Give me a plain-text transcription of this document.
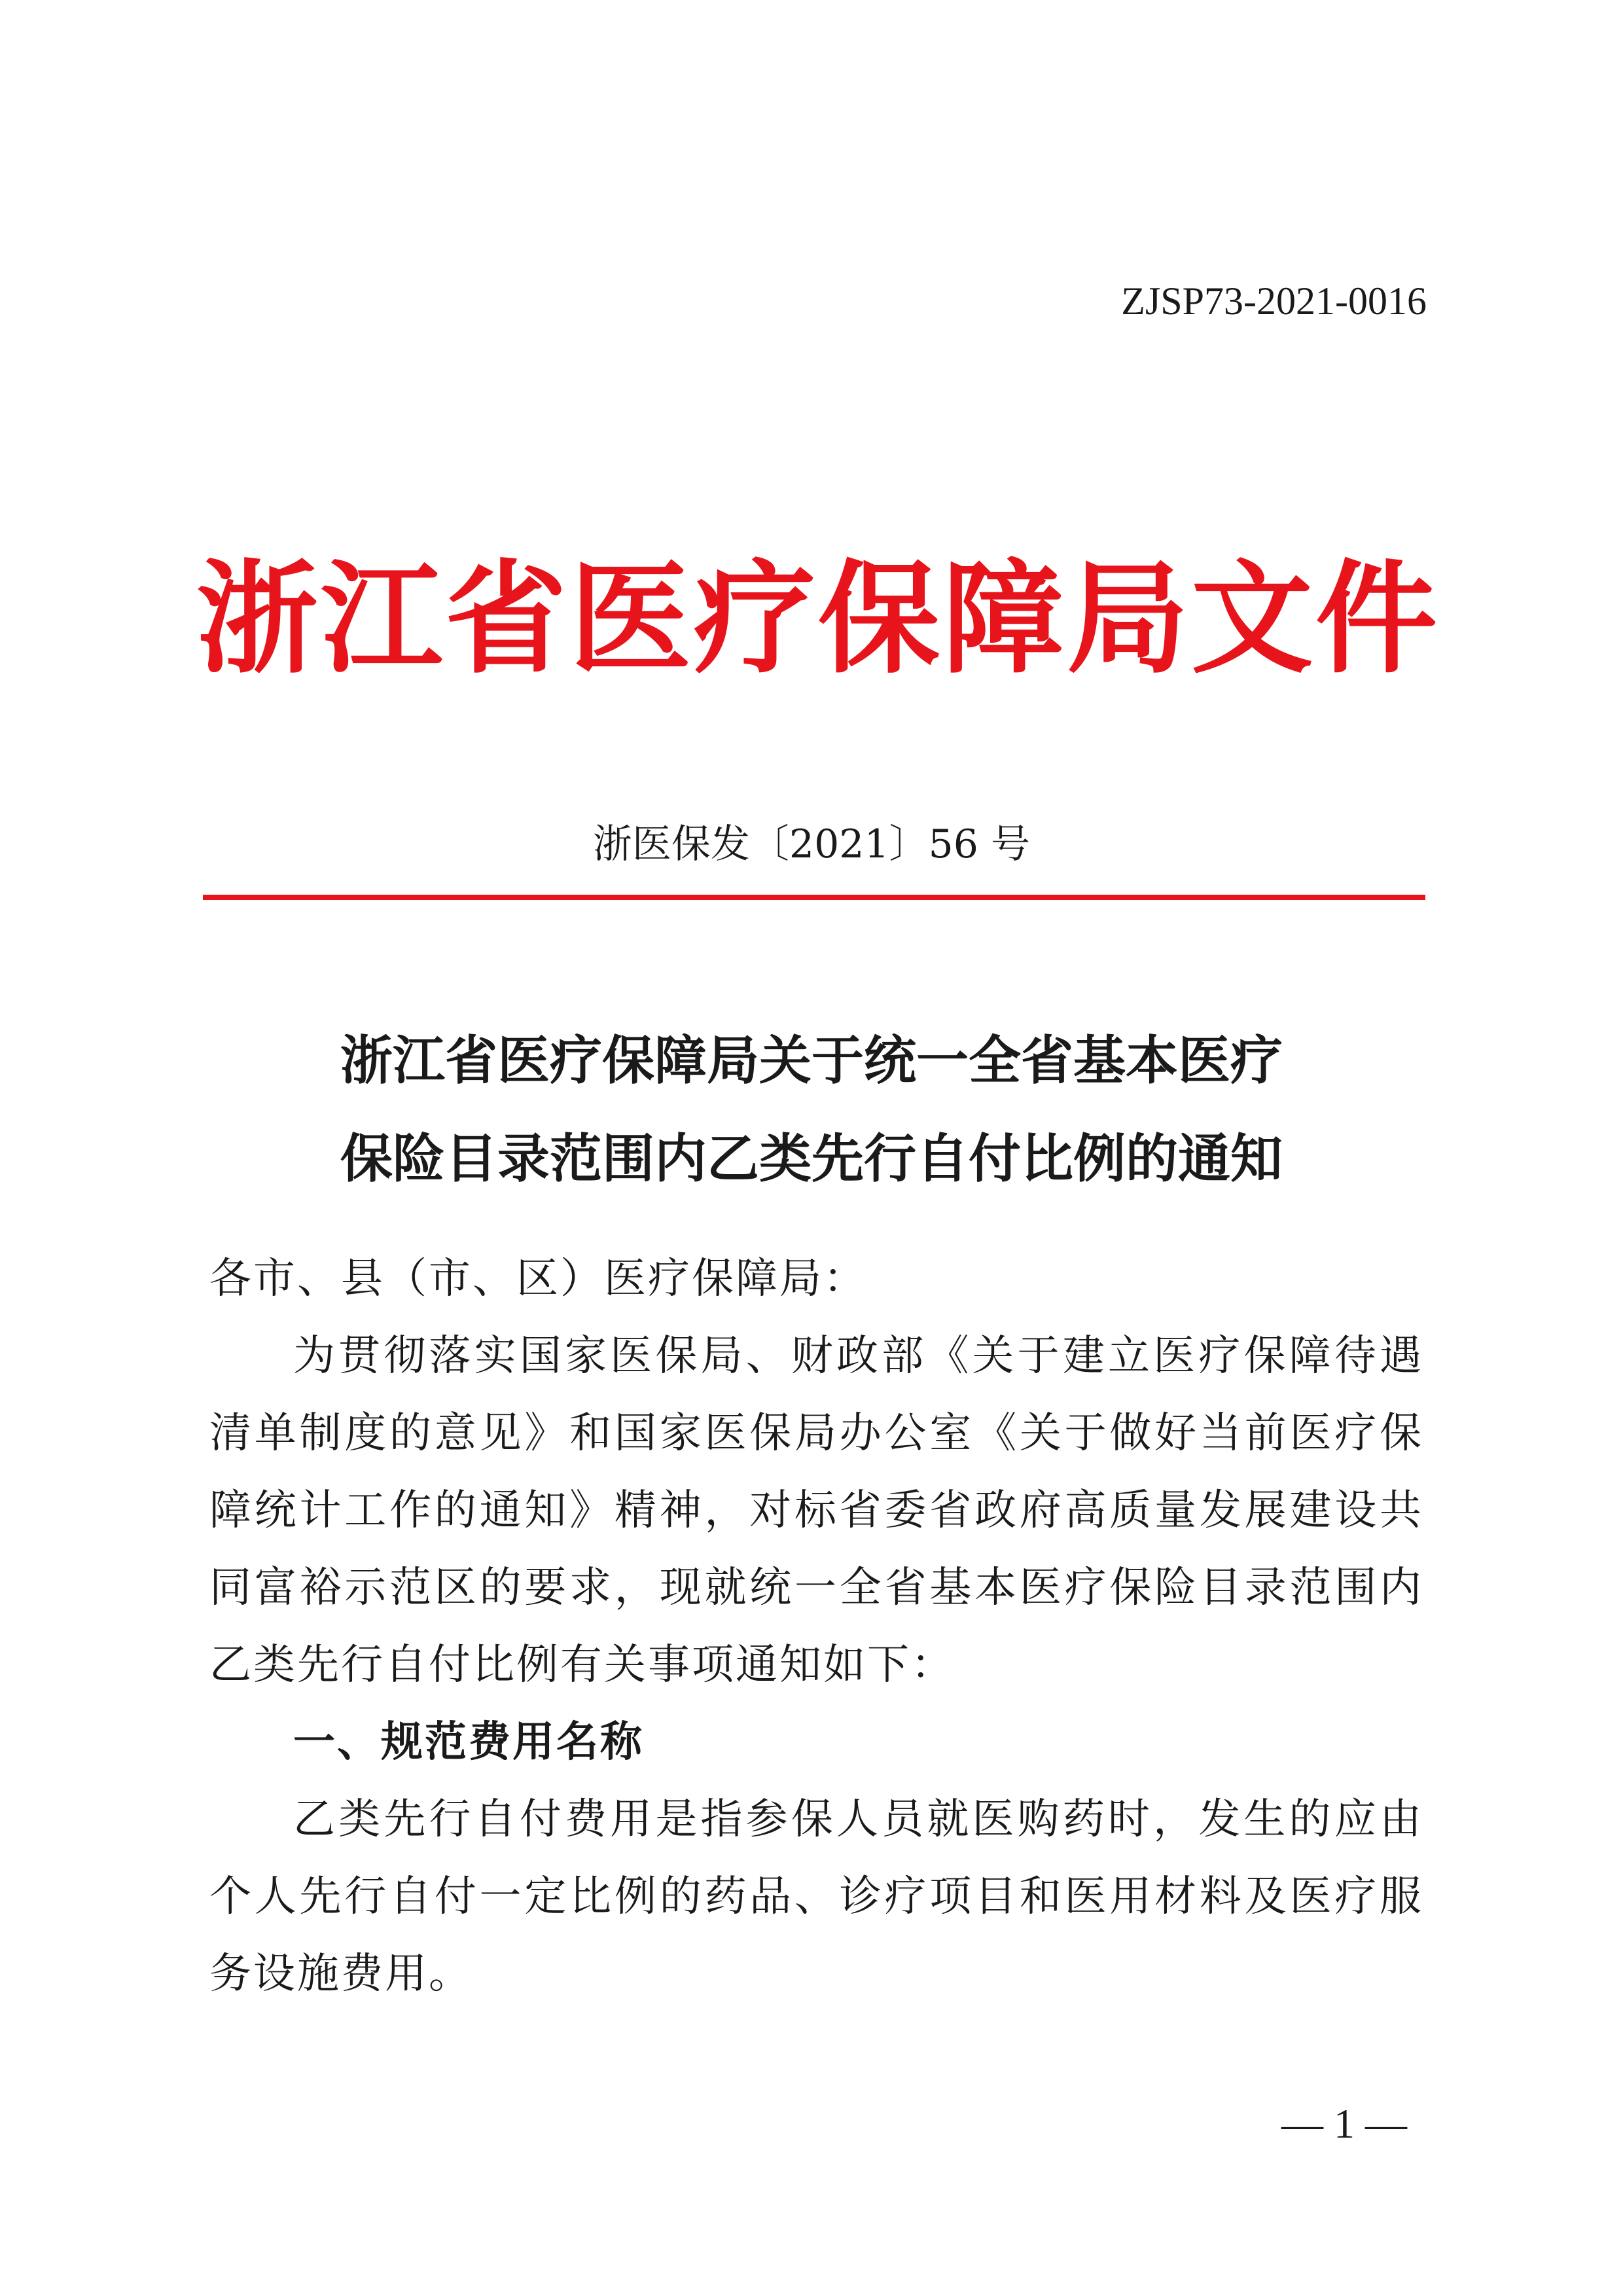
ZJSP73-2021-0016
浙江省医疗保障局文件
浙医保发〔2021〕56 号
浙江省医疗保障局关于统一全省基本医疗
保险目录范围内乙类先行自付比例的通知

各市、县（市、区）医疗保障局：

为贯彻落实国家医保局、财政部《关于建立医疗保障待遇清单制度的意见》和国家医保局办公室《关于做好当前医疗保障统计工作的通知》精神，对标省委省政府高质量发展建设共同富裕示范区的要求，现就统一全省基本医疗保险目录范围内乙类先行自付比例有关事项通知如下：

一、规范费用名称

乙类先行自付费用是指参保人员就医购药时，发生的应由个人先行自付一定比例的药品、诊疗项目和医用材料及医疗服务设施费用。

— 1 —
